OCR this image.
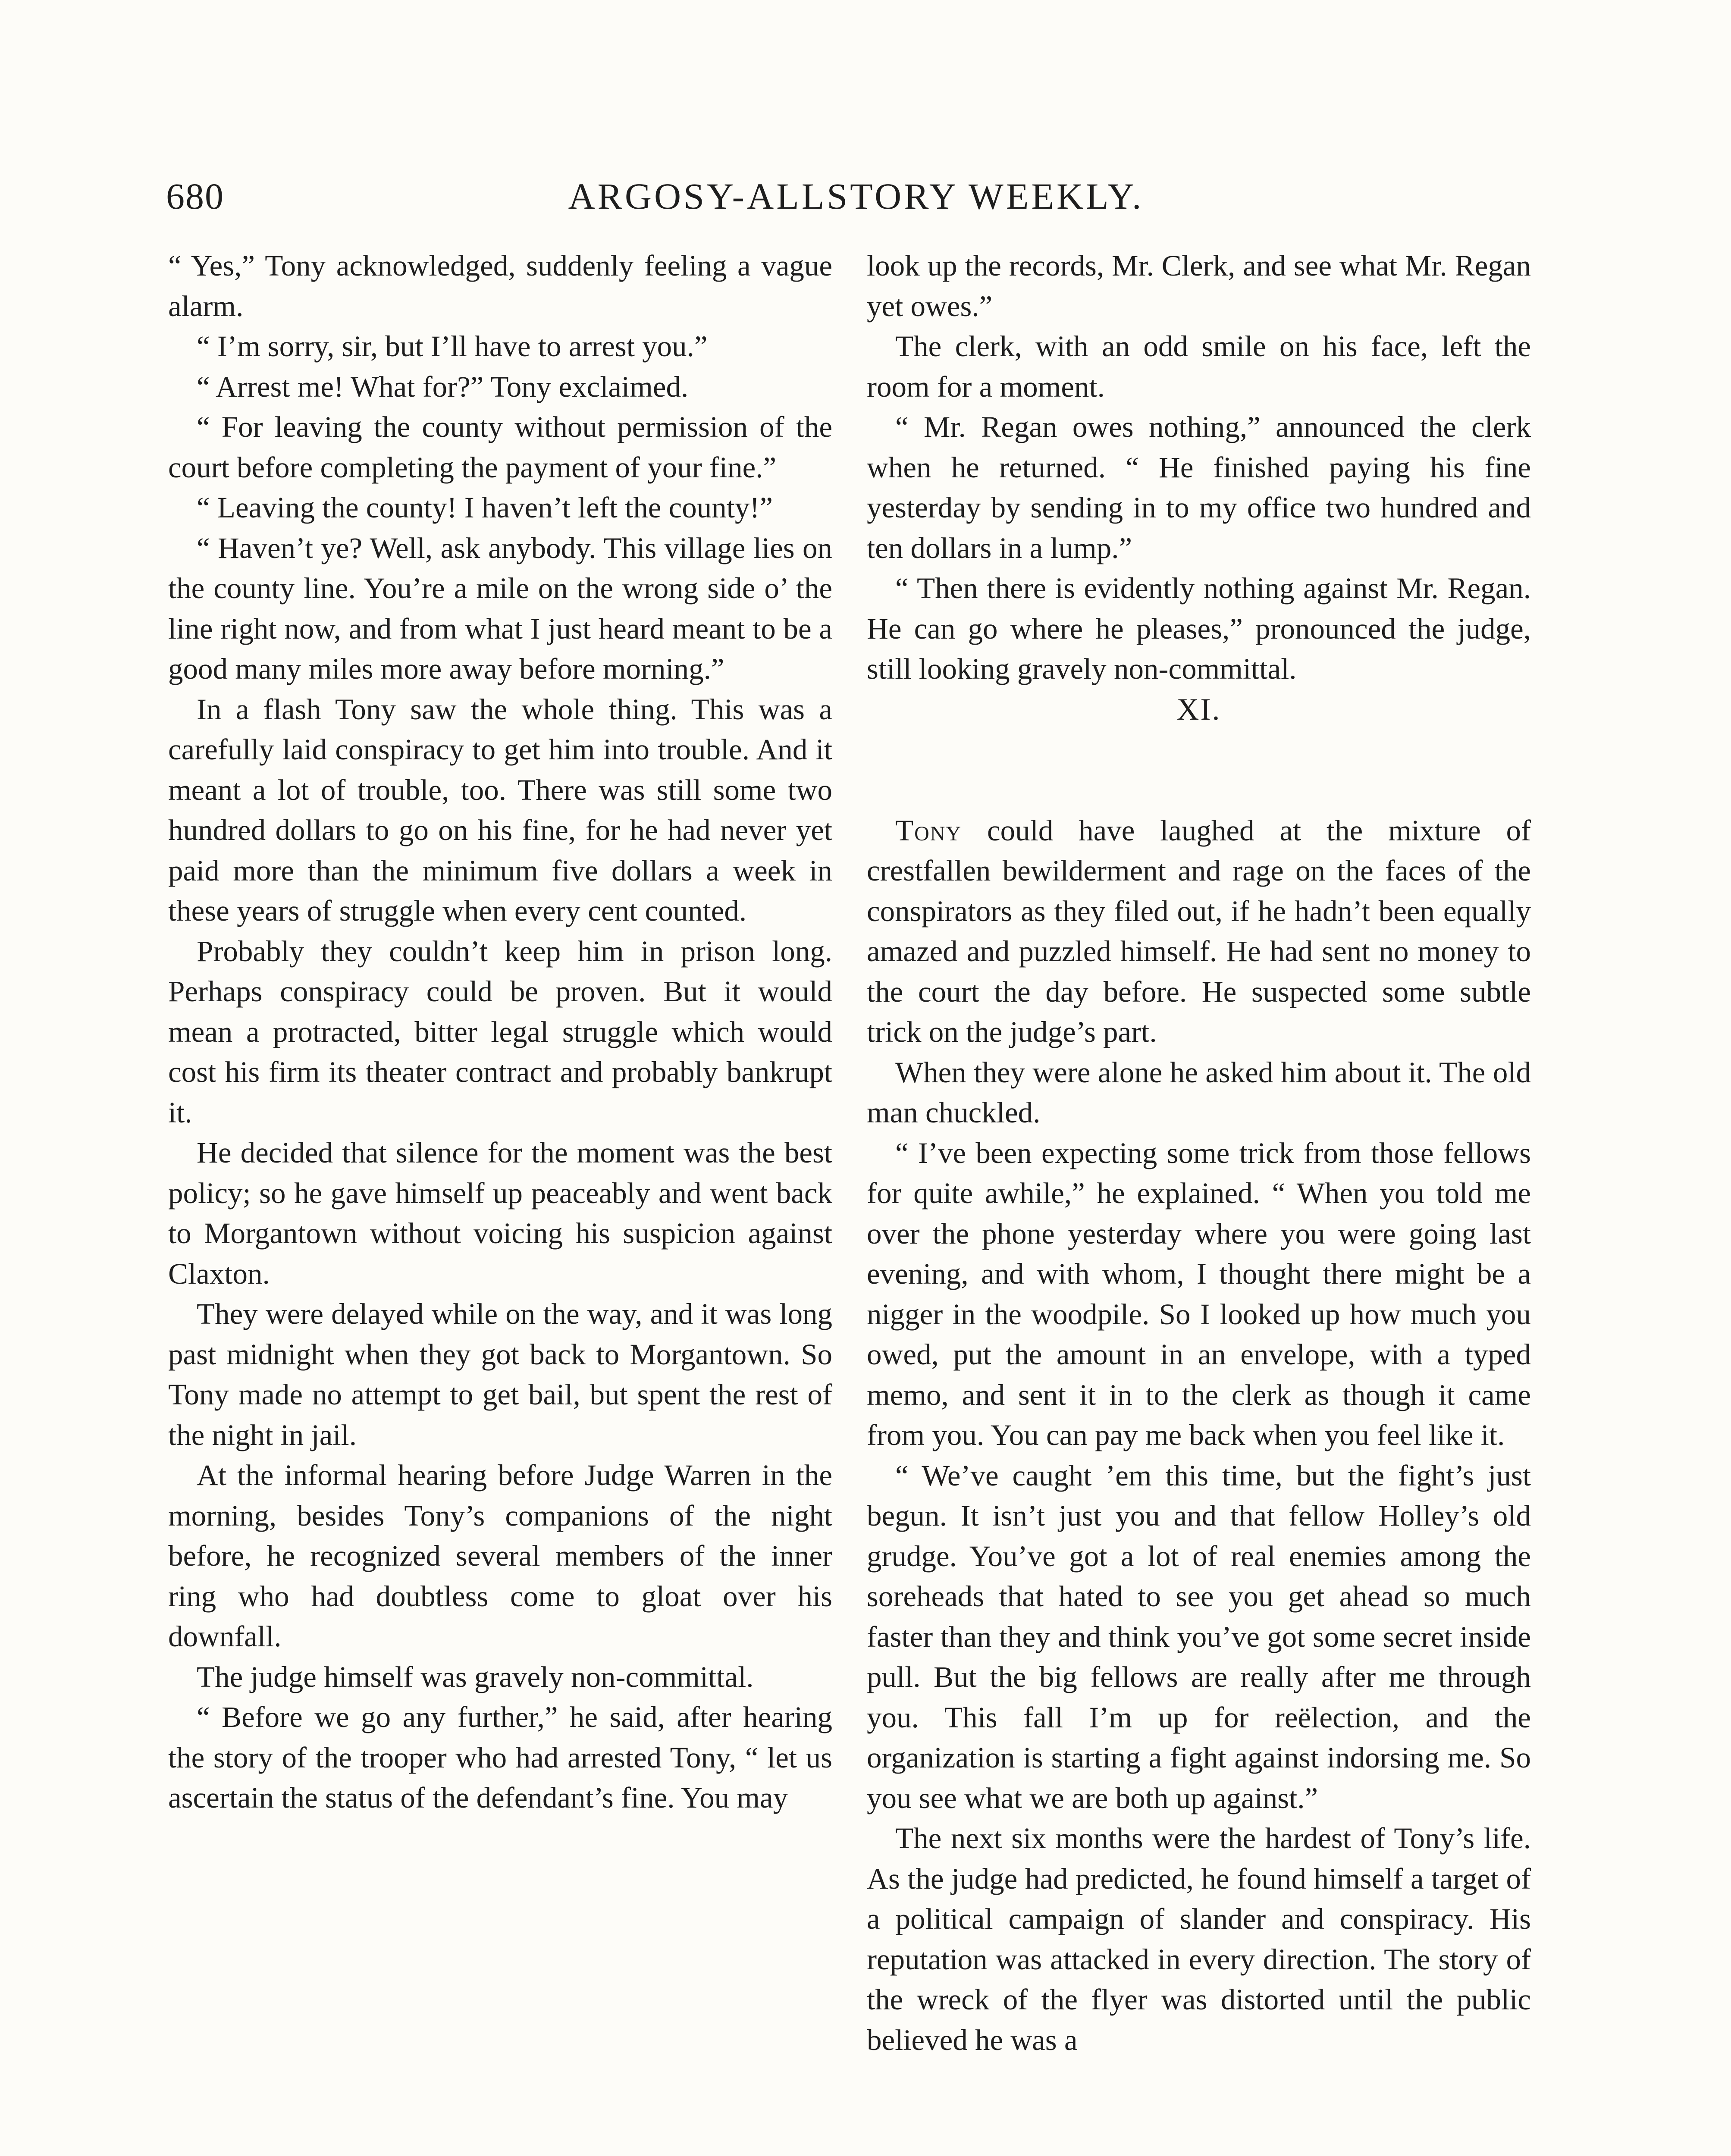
680	ARGOSY-ALLSTORY WEEKLY.

“ Yes,” Tony acknowledged, suddenly feeling a vague alarm.

“ I’m sorry, sir, but I’ll have to arrest you.”

“ Arrest me! What for?” Tony exclaimed.

“ For leaving the county without permission of the court before completing the payment of your fine.”

“ Leaving the county! I haven’t left the county!”

“ Haven’t ye? Well, ask anybody. This village lies on the county line. You’re a mile on the wrong side o’ the line right now, and from what I just heard meant to be a good many miles more away before morning.”

In a flash Tony saw the whole thing. This was a carefully laid conspiracy to get him into trouble. And it meant a lot of trouble, too. There was still some two hundred dollars to go on his fine, for he had never yet paid more than the minimum five dollars a week in these years of struggle when every cent counted.

Probably they couldn’t keep him in prison long. Perhaps conspiracy could be proven. But it would mean a protracted, bitter legal struggle which would cost his firm its theater contract and probably bankrupt it.

He decided that silence for the moment was the best policy; so he gave himself up peaceably and went back to Morgantown without voicing his suspicion against Claxton.

They were delayed while on the way, and it was long past midnight when they got back to Morgantown. So Tony made no attempt to get bail, but spent the rest of the night in jail.

At the informal hearing before Judge Warren in the morning, besides Tony’s companions of the night before, he recognized several members of the inner ring who had doubtless come to gloat over his downfall.

The judge himself was gravely non-committal.

“ Before we go any further,” he said, after hearing the story of the trooper who had arrested Tony, “ let us ascertain the status of the defendant’s fine. You may

look up the records, Mr. Clerk, and see what Mr. Regan yet owes.”

The clerk, with an odd smile on his face, left the room for a moment.

“ Mr. Regan owes nothing,” announced the clerk when he returned. “ He finished paying his fine yesterday by sending in to my office two hundred and ten dollars in a lump.”

“ Then there is evidently nothing against Mr. Regan. He can go where he pleases,” pronounced the judge, still looking gravely non-committal.

XI.

Tony could have laughed at the mixture of crestfallen bewilderment and rage on the faces of the conspirators as they filed out, if he hadn’t been equally amazed and puzzled himself. He had sent no money to the court the day before. He suspected some subtle trick on the judge’s part.

When they were alone he asked him about it. The old man chuckled.

“ I’ve been expecting some trick from those fellows for quite awhile,” he explained. “ When you told me over the phone yesterday where you were going last evening, and with whom, I thought there might be a nigger in the woodpile. So I looked up how much you owed, put the amount in an envelope, with a typed memo, and sent it in to the clerk as though it came from you. You can pay me back when you feel like it.

“ We’ve caught ’em this time, but the fight’s just begun. It isn’t just you and that fellow Holley’s old grudge. You’ve got a lot of real enemies among the soreheads that hated to see you get ahead so much faster than they and think you’ve got some secret inside pull. But the big fellows are really after me through you. This fall I’m up for reëlection, and the organization is starting a fight against indorsing me. So you see what we are both up against.”

The next six months were the hardest of Tony’s life. As the judge had predicted, he found himself a target of a political campaign of slander and conspiracy. His reputation was attacked in every direction. The story of the wreck of the flyer was distorted until the public believed he was a
